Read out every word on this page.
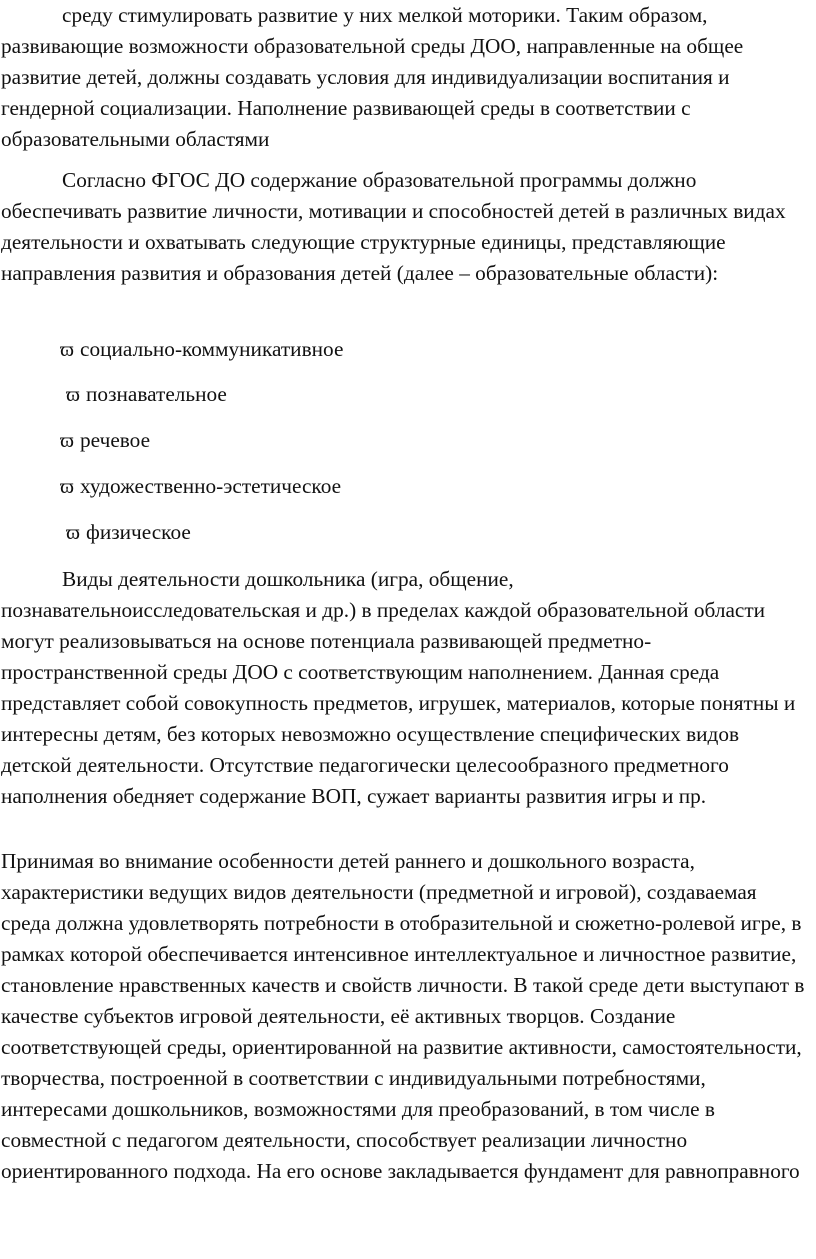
среду стимулировать развитие у них мелкой моторики. Таким образом, развивающие возможности образовательной среды ДОО, направленные на общее развитие детей, должны создавать условия для индивидуализации воспитания и гендерной социализации. Наполнение развивающей среды в соответствии с образовательными областями

Согласно ФГОС ДО содержание образовательной программы должно обеспечивать развитие личности, мотивации и способностей детей в различных видах деятельности и охватывать следующие структурные единицы, представляющие направления развития и образования детей (далее – образовательные области):

ϖ социально-коммуникативное
ϖ познавательное
ϖ речевое
ϖ художественно-эстетическое
ϖ физическое

Виды деятельности дошкольника (игра, общение, познавательноисследовательская и др.) в пределах каждой образовательной области могут реализовываться на основе потенциала развивающей предметно-пространственной среды ДОО с соответствующим наполнением. Данная среда представляет собой совокупность предметов, игрушек, материалов, которые понятны и интересны детям, без которых невозможно осуществление специфических видов детской деятельности. Отсутствие педагогически целесообразного предметного наполнения обедняет содержание ВОП, сужает варианты развития игры и пр.

Принимая во внимание особенности детей раннего и дошкольного возраста, характеристики ведущих видов деятельности (предметной и игровой), создаваемая среда должна удовлетворять потребности в отобразительной и сюжетно-ролевой игре, в рамках которой обеспечивается интенсивное интеллектуальное и личностное развитие, становление нравственных качеств и свойств личности. В такой среде дети выступают в качестве субъектов игровой деятельности, её активных творцов. Создание соответствующей среды, ориентированной на развитие активности, самостоятельности, творчества, построенной в соответствии с индивидуальными потребностями, интересами дошкольников, возможностями для преобразований, в том числе в совместной с педагогом деятельности, способствует реализации личностно ориентированного подхода. На его основе закладывается фундамент для равноправного
